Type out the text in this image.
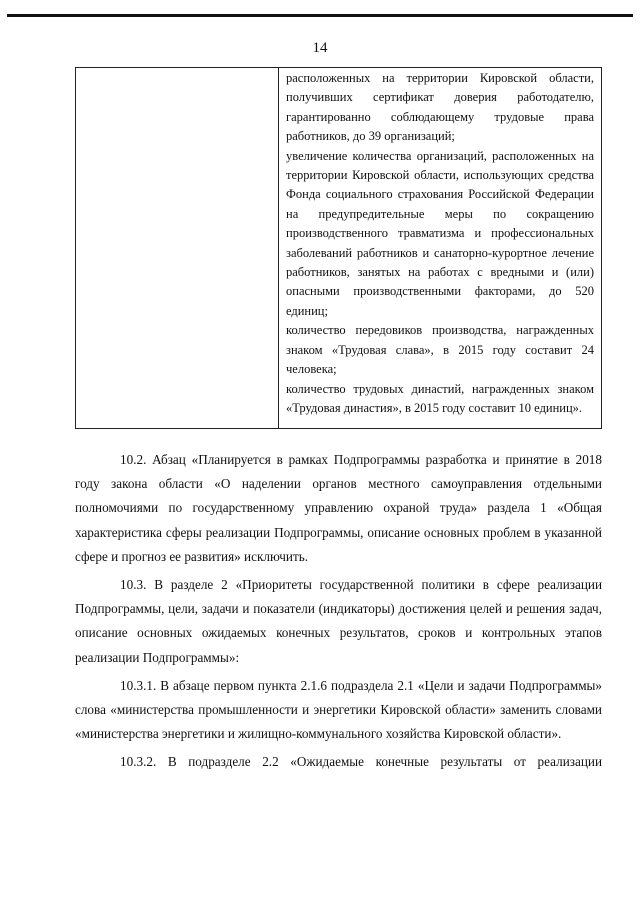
14

расположенных на территории Кировской области, получивших сертификат доверия работодателю, гарантированно соблюдающему трудовые права работников, до 39 организаций;

увеличение количества организаций, расположенных на территории Кировской области, использующих средства Фонда социального страхования Российской Федерации на предупредительные меры по сокращению производственного травматизма и профессиональных заболеваний работников и санаторно-курортное лечение работников, занятых на работах с вредными и (или) опасными производственными факторами, до 520 единиц;

количество передовиков производства, награжденных знаком «Трудовая слава», в 2015 году составит 24 человека;

количество трудовых династий, награжденных знаком «Трудовая династия», в 2015 году составит 10 единиц».

10.2. Абзац «Планируется в рамках Подпрограммы разработка и принятие в 2018 году закона области «О наделении органов местного самоуправления отдельными полномочиями по государственному управлению охраной труда» раздела 1 «Общая характеристика сферы реализации Подпрограммы, описание основных проблем в указанной сфере и прогноз ее развития» исключить.

10.3. В разделе 2 «Приоритеты государственной политики в сфере реализации Подпрограммы, цели, задачи и показатели (индикаторы) достижения целей и решения задач, описание основных ожидаемых конечных результатов, сроков и контрольных этапов реализации Подпрограммы»:

10.3.1. В абзаце первом пункта 2.1.6 подраздела 2.1 «Цели и задачи Подпрограммы» слова «министерства промышленности и энергетики Кировской области» заменить словами «министерства энергетики и жилищно-коммунального хозяйства Кировской области».

10.3.2. В подразделе 2.2 «Ожидаемые конечные результаты от реализации
